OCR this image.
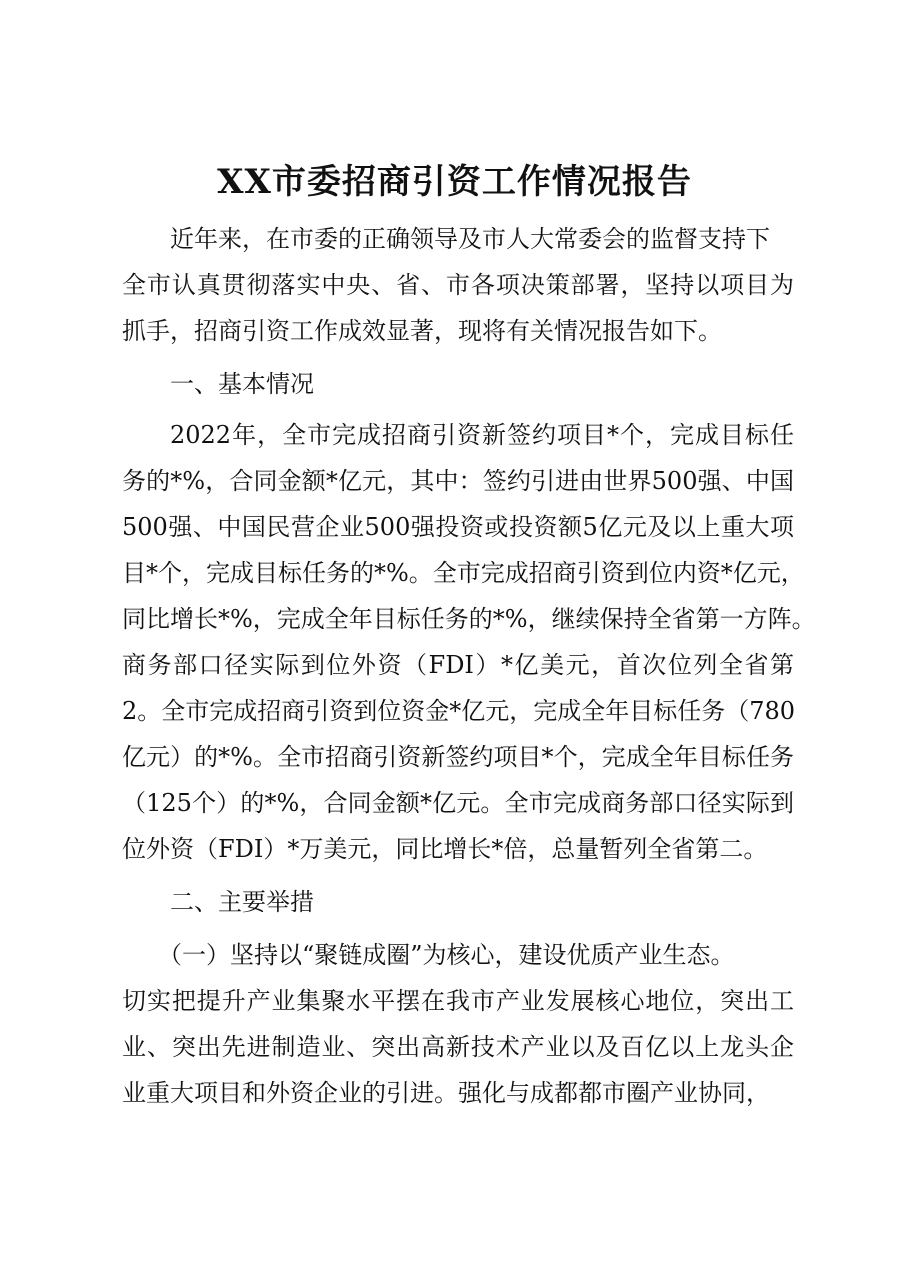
XX市委招商引资工作情况报告
近年来，在市委的正确领导及市人大常委会的监督支持下
全市认真贯彻落实中央、省、市各项决策部署，坚持以项目为
抓手，招商引资工作成效显著，现将有关情况报告如下。
一、基本情况
2022年，全市完成招商引资新签约项目*个，完成目标任
务的*%，合同金额*亿元，其中：签约引进由世界500强、中国
500强、中国民营企业500强投资或投资额5亿元及以上重大项
目*个，完成目标任务的*%。全市完成招商引资到位内资*亿元，
同比增长*%，完成全年目标任务的*%，继续保持全省第一方阵。
商务部口径实际到位外资（FDI）*亿美元，首次位列全省第
2。全市完成招商引资到位资金*亿元，完成全年目标任务（780
亿元）的*%。全市招商引资新签约项目*个，完成全年目标任务
（125个）的*%，合同金额*亿元。全市完成商务部口径实际到
位外资（FDI）*万美元，同比增长*倍，总量暂列全省第二。
二、主要举措
（一）坚持以“聚链成圈”为核心，建设优质产业生态。
切实把提升产业集聚水平摆在我市产业发展核心地位，突出工
业、突出先进制造业、突出高新技术产业以及百亿以上龙头企
业重大项目和外资企业的引进。强化与成都都市圈产业协同，
